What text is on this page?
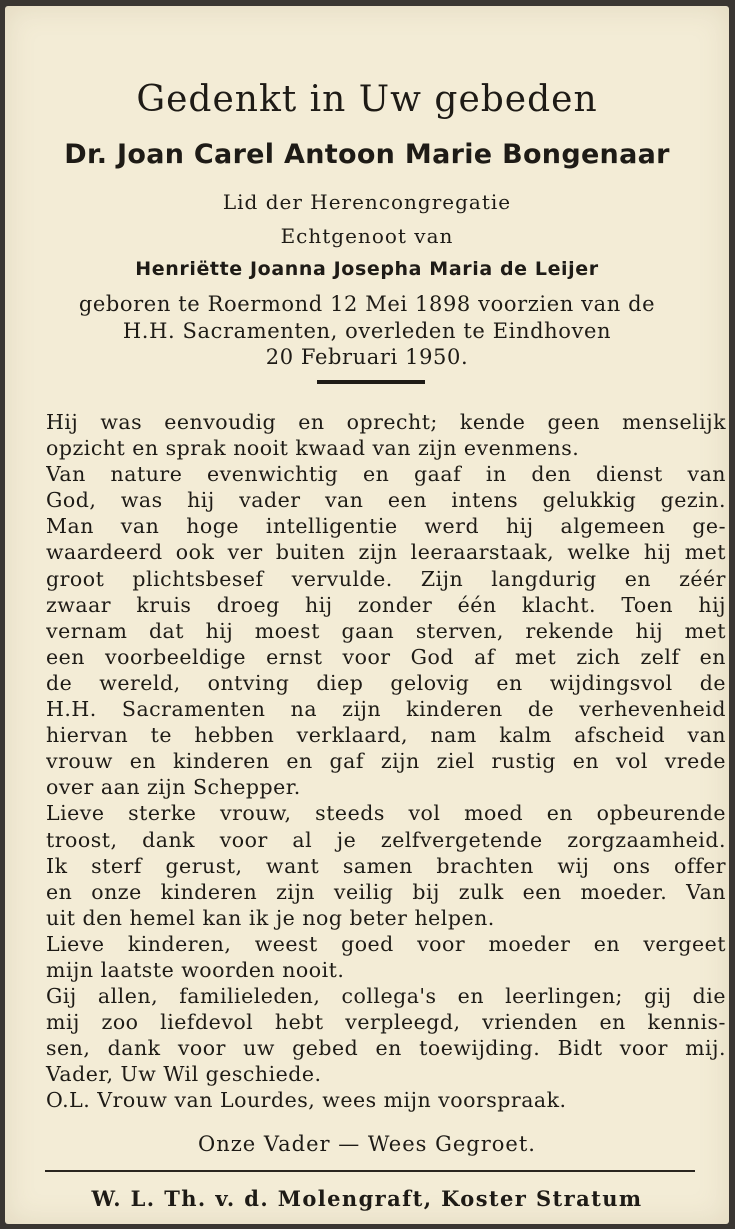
Gedenkt in Uw gebeden
Dr. Joan Carel Antoon Marie Bongenaar
Lid der Herencongregatie
Echtgenoot van
Henriëtte Joanna Josepha Maria de Leijer
geboren te Roermond 12 Mei 1898 voorzien van de
H.H. Sacramenten, overleden te Eindhoven
20 Februari 1950.
Hij was eenvoudig en oprecht; kende geen menselijk
opzicht en sprak nooit kwaad van zijn evenmens.
Van nature evenwichtig en gaaf in den dienst van
God, was hij vader van een intens gelukkig gezin.
Man van hoge intelligentie werd hij algemeen ge-
waardeerd ook ver buiten zijn leeraarstaak, welke hij met
groot plichtsbesef vervulde. Zijn langdurig en zéér
zwaar kruis droeg hij zonder één klacht. Toen hij
vernam dat hij moest gaan sterven, rekende hij met
een voorbeeldige ernst voor God af met zich zelf en
de wereld, ontving diep gelovig en wijdingsvol de
H.H. Sacramenten na zijn kinderen de verhevenheid
hiervan te hebben verklaard, nam kalm afscheid van
vrouw en kinderen en gaf zijn ziel rustig en vol vrede
over aan zijn Schepper.
Lieve sterke vrouw, steeds vol moed en opbeurende
troost, dank voor al je zelfvergetende zorgzaamheid.
Ik sterf gerust, want samen brachten wij ons offer
en onze kinderen zijn veilig bij zulk een moeder. Van
uit den hemel kan ik je nog beter helpen.
Lieve kinderen, weest goed voor moeder en vergeet
mijn laatste woorden nooit.
Gij allen, familieleden, collega's en leerlingen; gij die
mij zoo liefdevol hebt verpleegd, vrienden en kennis-
sen, dank voor uw gebed en toewijding. Bidt voor mij.
Vader, Uw Wil geschiede.
O.L. Vrouw van Lourdes, wees mijn voorspraak.
Onze Vader — Wees Gegroet.
W. L. Th. v. d. Molengraft, Koster Stratum
